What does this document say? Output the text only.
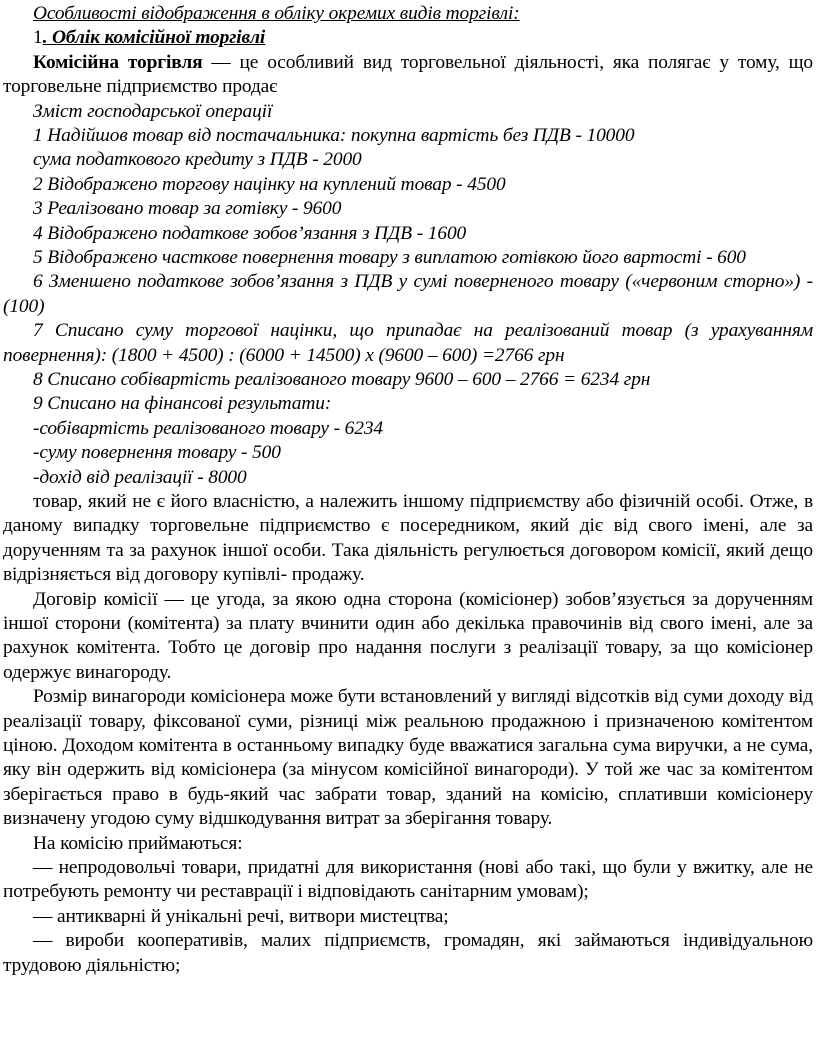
Особливості відображення в обліку окремих видів торгівлі:
1. Облік комісійної торгівлі

Комісійна торгівля — це особливий вид торговельної діяльності, яка полягає у тому, що торговельне підприємство продає

Зміст господарської операції
1 Надійшов товар від постачальника: покупна вартість без ПДВ - 10000
сума податкового кредиту з ПДВ - 2000
2 Відображено торгову націнку на куплений товар - 4500
3 Реалізовано товар за готівку - 9600
4 Відображено податкове зобов’язання з ПДВ - 1600

5 Відображено часткове повернення товару з виплатою готівкою його вартості - 600

6 Зменшено податкове зобов’язання з ПДВ у сумі поверненого товару («червоним сторно») - (100)

7 Списано суму торгової націнки, що припадає на реалізований товар (з урахуванням повернення): (1800 + 4500) : (6000 + 14500) х (9600 – 600) =2766 грн

8 Списано собівартість реалізованого товару 9600 – 600 – 2766 = 6234 грн
9 Списано на фінансові результати:
-собівартість реалізованого товару - 6234
-суму повернення товару - 500
-дохід від реалізації - 8000

товар, який не є його власністю, а належить іншому підприємству або фізичній особі. Отже, в даному випадку торговельне підприємство є посередником, який діє від свого імені, але за дорученням та за рахунок іншої особи. Така діяльність регулюється договором комісії, який дещо відрізняється від договору купівлі- продажу.

Договір комісії — це угода, за якою одна сторона (комісіонер) зобов’язується за дорученням іншої сторони (комітента) за плату вчинити один або декілька правочинів від свого імені, але за рахунок комітента. Тобто це договір про надання послуги з реалізації товару, за що комісіонер одержує винагороду.

Розмір винагороди комісіонера може бути встановлений у вигляді відсотків від суми доходу від реалізації товару, фіксованої суми, різниці між реальною продажною і призначеною комітентом ціною. Доходом комітента в останньому випадку буде вважатися загальна сума виручки, а не сума, яку він одержить від комісіонера (за мінусом комісійної винагороди). У той же час за комітентом зберігається право в будь-який час забрати товар, зданий на комісію, сплативши комісіонеру визначену угодою суму відшкодування витрат за зберігання товару.

На комісію приймаються:

— непродовольчі товари, придатні для використання (нові або такі, що були у вжитку, але не потребують ремонту чи реставрації і відповідають санітарним умовам);

— антикварні й унікальні речі, витвори мистецтва;

— вироби кооперативів, малих підприємств, громадян, які займаються індивідуальною трудовою діяльністю;
